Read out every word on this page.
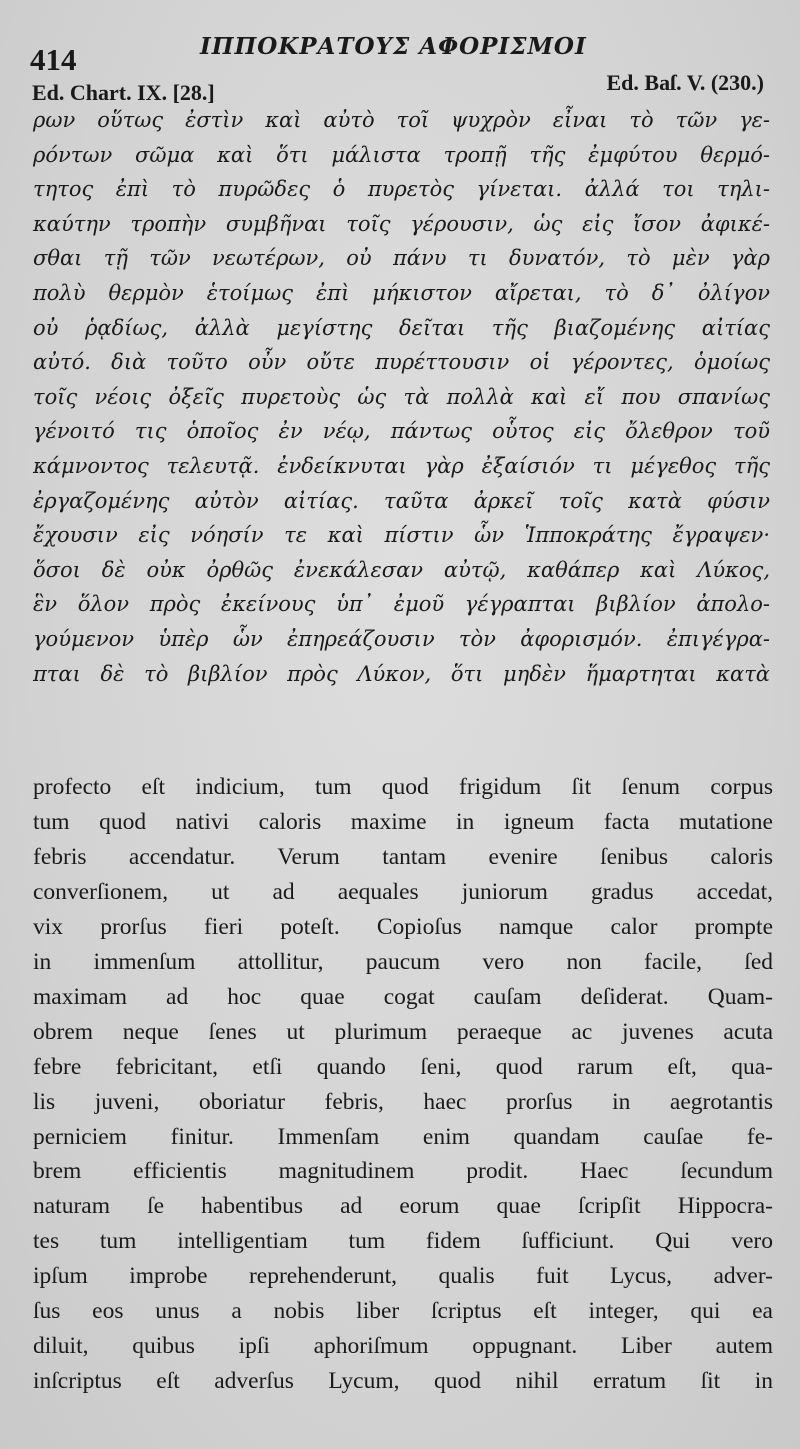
414	ΙΠΠΟΚΡΑΤΟΥΣ ΑΦΟΡΙΣΜΟΙ
Ed. Chart. IX. [28.]	Ed. Baſ. V. (230.)
ρων οὕτως ἐστὶν καὶ αὐτὸ τοι̃ ψυχρὸν εἶναι τὸ τῶν γε-
ρόντων σῶμα καὶ ὅτι μάλιστα τροπῇ τῆς ἐμφύτου θερμό-
τητος ἐπὶ τὸ πυρῶδες ὁ πυρετὸς γίνεται. ἀλλά τοι τηλι-
καύτην τροπὴν συμβῆναι τοῖς γέρουσιν, ὡς εἰς ἴσον ἀφικέ-
σθαι τῇ τῶν νεωτέρων, οὐ πάνυ τι δυνατόν, τὸ μὲν γὰρ
πολὺ θερμὸν ἑτοίμως ἐπὶ μήκιστον αἴρεται, τὸ δ᾽ ὀλίγον
οὐ ῥᾳδίως, ἀλλὰ μεγίστης δεῖται τῆς βιαζομένης αἰτίας
αὐτό. διὰ τοῦτο οὖν οὔτε πυρέττουσιν οἱ γέροντες, ὁμοίως
τοῖς νέοις ὀξεῖς πυρετοὺς ὡς τὰ πολλὰ καὶ εἴ που σπανίως
γένοιτό τις ὁποῖος ἐν νέῳ, πάντως οὗτος εἰς ὄλεθρον τοῦ
κάμνοντος τελευτᾷ. ἐνδείκνυται γὰρ ἐξαίσιόν τι μέγεθος τῆς
ἐργαζομένης αὐτὸν αἰτίας. ταῦτα ἀρκεῖ τοῖς κατὰ φύσιν
ἔχουσιν εἰς νόησίν τε καὶ πίστιν ὧν Ἱπποκράτης ἔγραψεν·
ὅσοι δὲ οὐκ ὀρθῶς ἐνεκάλεσαν αὐτῷ, καθάπερ καὶ Λύκος,
ἓν ὅλον πρὸς ἐκείνους ὑπ᾽ ἐμοῦ γέγραπται βιβλίον ἀπολο-
γούμενον ὑπὲρ ὧν ἐπηρεάζουσιν τὸν ἀφορισμόν. ἐπιγέγρα-
πται δὲ τὸ βιβλίον πρὸς Λύκον, ὅτι μηδὲν ἥμαρτηται κατὰ
profecto eſt indicium, tum quod frigidum ſit ſenum corpus
tum quod nativi caloris maxime in igneum facta mutatione
febris accendatur. Verum tantam evenire ſenibus caloris
converſionem, ut ad aequales juniorum gradus accedat,
vix prorſus fieri poteſt. Copioſus namque calor prompte
in immenſum attollitur, paucum vero non facile, ſed
maximam ad hoc quae cogat cauſam deſiderat. Quam-
obrem neque ſenes ut plurimum peraeque ac juvenes acuta
febre febricitant, etſi quando ſeni, quod rarum eſt, qua-
lis juveni, oboriatur febris, haec prorſus in aegrotantis
perniciem finitur. Immenſam enim quandam cauſae fe-
brem efficientis magnitudinem prodit. Haec ſecundum
naturam ſe habentibus ad eorum quae ſcripſit Hippocra-
tes tum intelligentiam tum fidem ſufficiunt. Qui vero
ipſum improbe reprehenderunt, qualis fuit Lycus, adver-
ſus eos unus a nobis liber ſcriptus eſt integer, qui ea
diluit, quibus ipſi aphoriſmum oppugnant. Liber autem
inſcriptus eſt adverſus Lycum, quod nihil erratum ſit in
